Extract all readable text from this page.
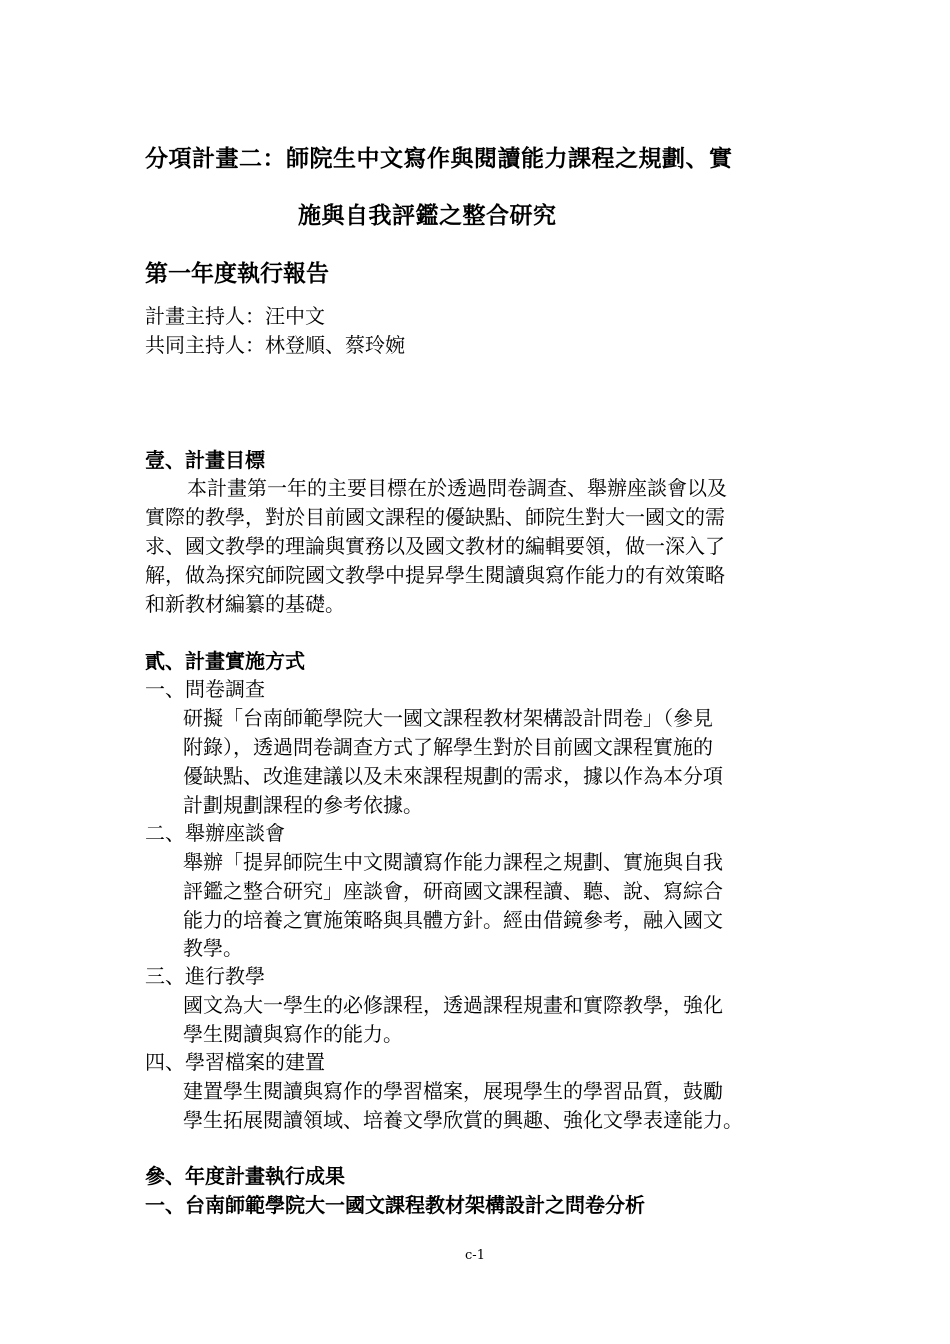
分項計畫二：師院生中文寫作與閱讀能力課程之規劃、實
施與自我評鑑之整合研究
第一年度執行報告
計畫主持人：汪中文
共同主持人：林登順、蔡玲婉
壹、計畫目標
本計畫第一年的主要目標在於透過問卷調查、舉辦座談會以及
實際的教學，對於目前國文課程的優缺點、師院生對大一國文的需
求、國文教學的理論與實務以及國文教材的編輯要領，做一深入了
解，做為探究師院國文教學中提昇學生閱讀與寫作能力的有效策略
和新教材編纂的基礎。
貳、計畫實施方式
一、問卷調查
研擬「台南師範學院大一國文課程教材架構設計問卷」（參見
附錄），透過問卷調查方式了解學生對於目前國文課程實施的
優缺點、改進建議以及未來課程規劃的需求，據以作為本分項
計劃規劃課程的參考依據。
二、舉辦座談會
舉辦「提昇師院生中文閱讀寫作能力課程之規劃、實施與自我
評鑑之整合研究」座談會，研商國文課程讀、聽、說、寫綜合
能力的培養之實施策略與具體方針。經由借鏡參考，融入國文
教學。
三、進行教學
國文為大一學生的必修課程，透過課程規畫和實際教學，強化
學生閱讀與寫作的能力。
四、學習檔案的建置
建置學生閱讀與寫作的學習檔案，展現學生的學習品質，鼓勵
學生拓展閱讀領域、培養文學欣賞的興趣、強化文學表達能力。
參、年度計畫執行成果
一、台南師範學院大一國文課程教材架構設計之問卷分析
c-1
